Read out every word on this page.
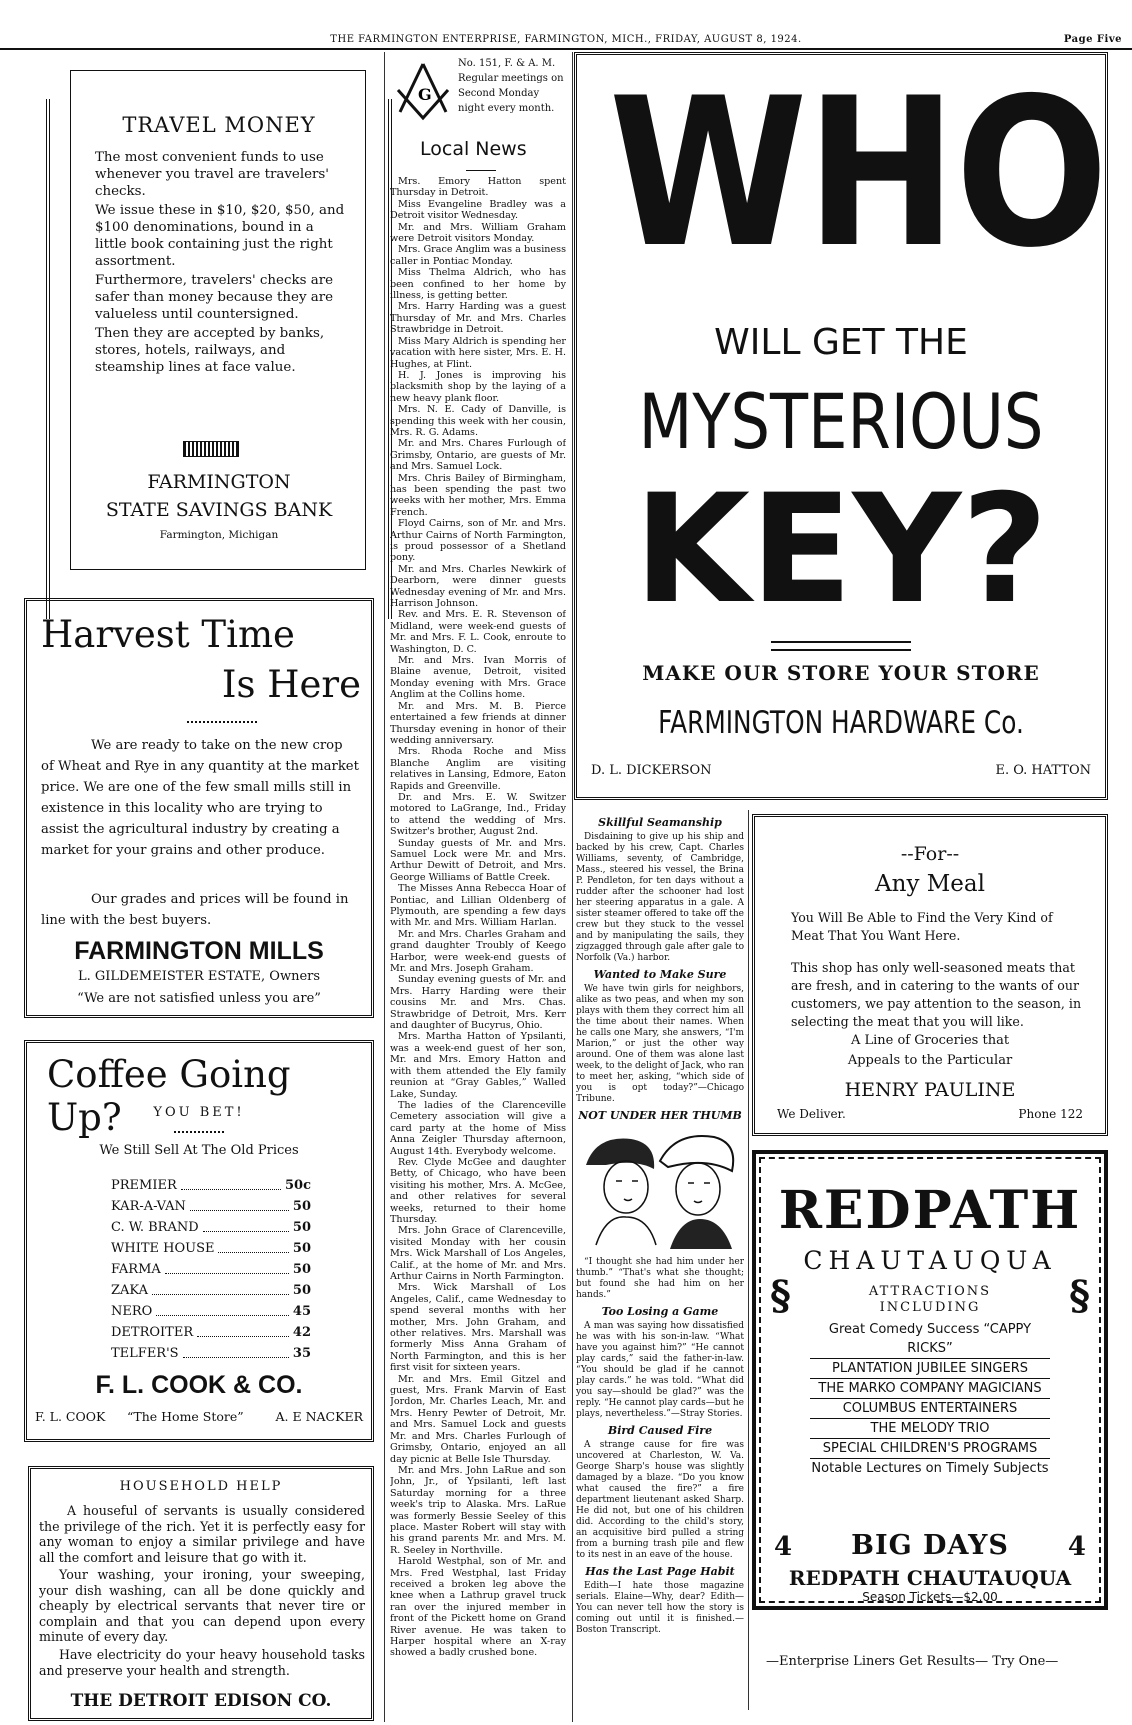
THE FARMINGTON ENTERPRISE, FARMINGTON, MICH., FRIDAY, AUGUST 8, 1924.	Page Five
TRAVEL MONEY

The most convenient funds to use whenever you travel are travelers' checks.

We issue these in $10, $20, $50, and $100 denominations, bound in a little book containing just the right assortment.

Furthermore, travelers' checks are safer than money because they are valueless until countersigned.

Then they are accepted by banks, stores, hotels, railways, and steamship lines at face value.

FARMINGTON
STATE SAVINGS BANK
Farmington, Michigan
Harvest Time
Is Here
We are ready to take on the new crop of Wheat and Rye in any quantity at the market price. We are one of the few small mills still in existence in this locality who are trying to assist the agricultural industry by creating a market for your grains and other produce.
Our grades and prices will be found in line with the best buyers.
FARMINGTON MILLS
L. GILDEMEISTER ESTATE, Owners
“We are not satisfied unless you are”
Coffee Going Up?	YOU BET!
We Still Sell At The Old Prices
PREMIER	50c
KAR-A-VAN	50
C. W. BRAND	50
WHITE HOUSE	50
FARMA	50
ZAKA	50
NERO	45
DETROITER	42
TELFER'S	35
F. L. COOK & CO.
F. L. COOK “The Home Store”	A. E NACKER
HOUSEHOLD HELP
A houseful of servants is usually considered the privilege of the rich. Yet it is perfectly easy for any woman to enjoy a similar privilege and have all the comfort and leisure that go with it.
Your washing, your ironing, your sweeping, your dish washing, can all be done quickly and cheaply by electrical servants that never tire or complain and that you can depend upon every minute of every day.
Have electricity do your heavy household tasks and preserve your health and strength.
THE DETROIT EDISON CO.
G
No. 151, F. & A. M. Regular meetings on Second Monday night every month.
Local News

Mrs. Emory Hatton spent Thursday in Detroit.

Miss Evangeline Bradley was a Detroit visitor Wednesday.

Mr. and Mrs. William Graham were Detroit visitors Monday.

Mrs. Grace Anglim was a business caller in Pontiac Monday.

Miss Thelma Aldrich, who has been confined to her home by illness, is getting better.

Mrs. Harry Harding was a guest Thursday of Mr. and Mrs. Charles Strawbridge in Detroit.

Miss Mary Aldrich is spending her vacation with here sister, Mrs. E. H. Hughes, at Flint.

H. J. Jones is improving his blacksmith shop by the laying of a new heavy plank floor.

Mrs. N. E. Cady of Danville, is spending this week with her cousin, Mrs. R. G. Adams.

Mr. and Mrs. Chares Furlough of Grimsby, Ontario, are guests of Mr. and Mrs. Samuel Lock.

Mrs. Chris Bailey of Birmingham, has been spending the past two weeks with her mother, Mrs. Emma French.

Floyd Cairns, son of Mr. and Mrs. Arthur Cairns of North Farmington, is proud possessor of a Shetland pony.

Mr. and Mrs. Charles Newkirk of Dearborn, were dinner guests Wednesday evening of Mr. and Mrs. Harrison Johnson.

Rev. and Mrs. E. R. Stevenson of Midland, were week-end guests of Mr. and Mrs. F. L. Cook, enroute to Washington, D. C.

Mr. and Mrs. Ivan Morris of Blaine avenue, Detroit, visited Monday evening with Mrs. Grace Anglim at the Collins home.

Mr. and Mrs. M. B. Pierce entertained a few friends at dinner Thursday evening in honor of their wedding anniversary.

Mrs. Rhoda Roche and Miss Blanche Anglim are visiting relatives in Lansing, Edmore, Eaton Rapids and Greenville.

Dr. and Mrs. E. W. Switzer motored to LaGrange, Ind., Friday to attend the wedding of Mrs. Switzer's brother, August 2nd.

Sunday guests of Mr. and Mrs. Samuel Lock were Mr. and Mrs. Arthur Dewitt of Detroit, and Mrs. George Williams of Battle Creek.

The Misses Anna Rebecca Hoar of Pontiac, and Lillian Oldenberg of Plymouth, are spending a few days with Mr. and Mrs. William Harlan.

Mr. and Mrs. Charles Graham and grand daughter Troubly of Keego Harbor, were week-end guests of Mr. and Mrs. Joseph Graham.

Sunday evening guests of Mr. and Mrs. Harry Harding were their cousins Mr. and Mrs. Chas. Strawbridge of Detroit, Mrs. Kerr and daughter of Bucyrus, Ohio.

Mrs. Martha Hatton of Ypsilanti, was a week-end guest of her son, Mr. and Mrs. Emory Hatton and with them attended the Ely family reunion at “Gray Gables,” Walled Lake, Sunday.

The ladies of the Clarenceville Cemetery association will give a card party at the home of Miss Anna Zeigler Thursday afternoon, August 14th. Everybody welcome.

Rev. Clyde McGee and daughter Betty, of Chicago, who have been visiting his mother, Mrs. A. McGee, and other relatives for several weeks, returned to their home Thursday.

Mrs. John Grace of Clarenceville, visited Monday with her cousin Mrs. Wick Marshall of Los Angeles, Calif., at the home of Mr. and Mrs. Arthur Cairns in North Farmington.

Mrs. Wick Marshall of Los Angeles, Calif., came Wednesday to spend several months with her mother, Mrs. John Graham, and other relatives. Mrs. Marshall was formerly Miss Anna Graham of North Farmington, and this is her first visit for sixteen years.

Mr. and Mrs. Emil Gitzel and guest, Mrs. Frank Marvin of East Jordon, Mr. Charles Leach, Mr. and Mrs. Henry Pewter of Detroit, Mr. and Mrs. Samuel Lock and guests Mr. and Mrs. Charles Furlough of Grimsby, Ontario, enjoyed an all day picnic at Belle Isle Thursday.

Mr. and Mrs. John LaRue and son John, Jr., of Ypsilanti, left last Saturday morning for a three week's trip to Alaska. Mrs. LaRue was formerly Bessie Seeley of this place. Master Robert will stay with his grand parents Mr. and Mrs. M. R. Seeley in Northville.

Harold Westphal, son of Mr. and Mrs. Fred Westphal, last Friday received a broken leg above the knee when a Lathrup gravel truck ran over the injured member in front of the Pickett home on Grand River avenue. He was taken to Harper hospital where an X-ray showed a badly crushed bone.

WHO
WILL GET THE
MYSTERIOUS
KEY?
MAKE OUR STORE YOUR STORE
FARMINGTON HARDWARE Co.
D. L. DICKERSON	E. O. HATTON
Skillful Seamanship

Disdaining to give up his ship and backed by his crew, Capt. Charles Williams, seventy, of Cambridge, Mass., steered his vessel, the Brina P. Pendleton, for ten days without a rudder after the schooner had lost her steering apparatus in a gale. A sister steamer offered to take off the crew but they stuck to the vessel and by manipulating the sails, they zigzagged through gale after gale to Norfolk (Va.) harbor.

Wanted to Make Sure

We have twin girls for neighbors, alike as two peas, and when my son plays with them they correct him all the time about their names. When he calls one Mary, she answers, “I'm Marion,” or just the other way around. One of them was alone last week, to the delight of Jack, who ran to meet her, asking, “which side of you is opt today?”—Chicago Tribune.

NOT UNDER HER THUMB

“I thought she had him under her thumb.” “That's what she thought; but found she had him on her hands.”

Too Losing a Game

A man was saying how dissatisfied he was with his son-in-law. “What have you against him?” “He cannot play cards,” said the father-in-law. “You should be glad if he cannot play cards.” he was told. “What did you say—should be glad?” was the reply. “He cannot play cards—but he plays, nevertheless.”—Stray Stories.

Bird Caused Fire

A strange cause for fire was uncovered at Charleston, W. Va. George Sharp's house was slightly damaged by a blaze. “Do you know what caused the fire?” a fire department lieutenant asked Sharp. He did not, but one of his children did. According to the child's story, an acquisitive bird pulled a string from a burning trash pile and flew to its nest in an eave of the house.

Has the Last Page Habit

Edith—I hate those magazine serials. Elaine—Why, dear? Edith—You can never tell how the story is coming out until it is finished.—Boston Transcript.

--For--
Any Meal
You Will Be Able to Find the Very Kind of Meat That You Want Here.
This shop has only well-seasoned meats that are fresh, and in catering to the wants of our customers, we pay attention to the season, in selecting the meat that you will like.
A Line of Groceries that
Appeals to the Particular
HENRY PAULINE
We Deliver.	Phone 122
REDPATH
CHAUTAUQUA
§	§
ATTRACTIONS
INCLUDING
Great Comedy Success “CAPPY RICKS”
PLANTATION JUBILEE SINGERS
THE MARKO COMPANY MAGICIANS
COLUMBUS ENTERTAINERS
THE MELODY TRIO
SPECIAL CHILDREN'S PROGRAMS
Notable Lectures on Timely Subjects
4	BIG DAYS	4
REDPATH CHAUTAUQUA
Season Tickets—$2.00
—Enterprise Liners Get Results— Try One—
